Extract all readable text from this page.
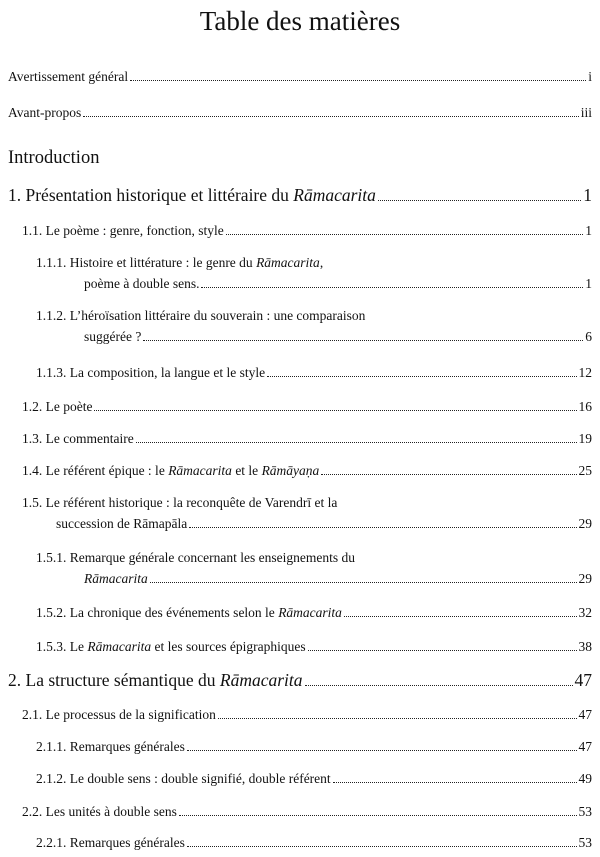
Table des matières
Avertissement général	i
Avant-propos	iii
Introduction
1. Présentation historique et littéraire du Rāmacarita	1
1.1. Le poème : genre, fonction, style	1
1.1.1. Histoire et littérature : le genre du Rāmacarita,
poème à double sens.	1
1.1.2. L’héroïsation littéraire du souverain : une comparaison
suggérée ?	6
1.1.3. La composition, la langue et le style	12
1.2. Le poète	16
1.3. Le commentaire	19
1.4. Le référent épique : le Rāmacarita et le Rāmāyaṇa	25
1.5. Le référent historique : la reconquête de Varendrī et la
succession de Rāmapāla	29
1.5.1. Remarque générale concernant les enseignements du
Rāmacarita	29
1.5.2. La chronique des événements selon le Rāmacarita	32
1.5.3. Le Rāmacarita et les sources épigraphiques	38
2. La structure sémantique du Rāmacarita	47
2.1. Le processus de la signification	47
2.1.1. Remarques générales	47
2.1.2. Le double sens : double signifié, double référent	49
2.2. Les unités à double sens	53
2.2.1. Remarques générales	53
